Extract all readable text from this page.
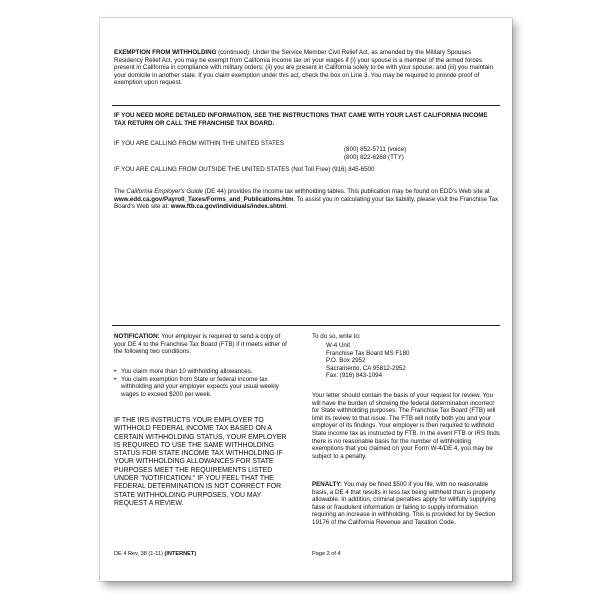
EXEMPTION FROM WITHHOLDING (continued): Under the Service Member Civil Relief Act, as amended by the Military Spouses Residency Relief Act, you may be exempt from California income tax on your wages if (i) your spouse is a member of the armed forces present in California in compliance with military orders; (ii) you are present in California solely to be with your spouse; and (iii) you maintain your domicile in another state. If you claim exemption under this act, check the box on Line 3. You may be required to provide proof of exemption upon request.

IF YOU NEED MORE DETAILED INFORMATION, SEE THE INSTRUCTIONS THAT CAME WITH YOUR LAST CALIFORNIA INCOME TAX RETURN OR CALL THE FRANCHISE TAX BOARD.

IF YOU ARE CALLING FROM WITHIN THE UNITED STATES

(800) 852-5711 (voice)

(800) 822-6268 (TTY)

IF YOU ARE CALLING FROM OUTSIDE THE UNITED STATES (Not Toll Free) (916) 845-6500

The California Employer's Guide (DE 44) provides the income tax withholding tables. This publication may be found on EDD's Web site at www.edd.ca.gov/Payroll_Taxes/Forms_and_Publications.htm. To assist you in calculating your tax liability, please visit the Franchise Tax Board's Web site at: www.ftb.ca.gov/individuals/index.shtml.

NOTIFICATION: Your employer is required to send a copy of your DE 4 to the Franchise Tax Board (FTB) if it meets either of the following two conditions:

• You claim more than 10 withholding allowances.

• You claim exemption from State or federal income tax withholding and your employer expects your usual weekly wages to exceed $200 per week.

IF THE IRS INSTRUCTS YOUR EMPLOYER TO WITHHOLD FEDERAL INCOME TAX BASED ON A CERTAIN WITHHOLDING STATUS, YOUR EMPLOYER IS REQUIRED TO USE THE SAME WITHHOLDING STATUS FOR STATE INCOME TAX WITHHOLDING IF YOUR WITHHOLDING ALLOWANCES FOR STATE PURPOSES MEET THE REQUIREMENTS LISTED UNDER "NOTIFICATION." IF YOU FEEL THAT THE FEDERAL DETERMINATION IS NOT CORRECT FOR STATE WITHHOLDING PURPOSES, YOU MAY REQUEST A REVIEW.

To do so, write to:

W-4 Unit

Franchise Tax Board MS F180

P.O. Box 2952

Sacramento, CA 95812-2952

Fax: (916) 843-1094

Your letter should contain the basis of your request for review. You will have the burden of showing the federal determination incorrect for State withholding purposes. The Franchise Tax Board (FTB) will limit its review to that issue. The FTB will notify both you and your employer of its findings. Your employer is then required to withhold State income tax as instructed by FTB. In the event FTB or IRS finds there is no reasonable basis for the number of withholding exemptions that you claimed on your Form W-4/DE 4, you may be subject to a penalty.

PENALTY: You may be fined $500 if you file, with no reasonable basis, a DE 4 that results in less tax being withheld than is properly allowable. In addition, criminal penalties apply for willfully supplying false or fraudulent information or failing to supply information requiring an increase in withholding. This is provided for by Section 19176 of the California Revenue and Taxation Code.

DE 4 Rev. 38 (1-11) (INTERNET)	Page 2 of 4
